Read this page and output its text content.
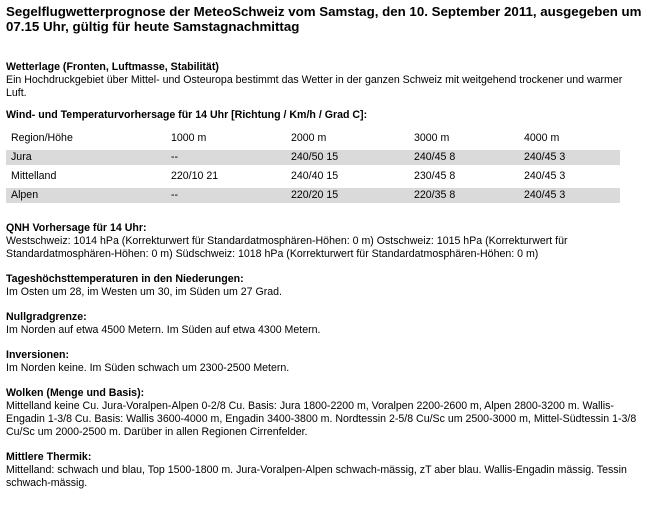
Segelflugwetterprognose der MeteoSchweiz vom Samstag, den 10. September 2011, ausgegeben um 07.15 Uhr, gültig für heute Samstagnachmittag

Wetterlage (Fronten, Luftmasse, Stabilität)

Ein Hochdruckgebiet über Mittel- und Osteuropa bestimmt das Wetter in der ganzen Schweiz mit weitgehend trockener und warmer Luft.

Wind- und Temperaturvorhersage für 14 Uhr [Richtung / Km/h / Grad C]:

Region/Höhe	1000 m	2000 m	3000 m	4000 m
Jura	--	240/50 15	240/45 8	240/45 3
Mittelland	220/10 21	240/40 15	230/45 8	240/45 3
Alpen	--	220/20 15	220/35 8	240/45 3

QNH Vorhersage für 14 Uhr:

Westschweiz: 1014 hPa (Korrekturwert für Standardatmosphären-Höhen: 0 m) Ostschweiz: 1015 hPa (Korrekturwert für Standardatmosphären-Höhen: 0 m) Südschweiz: 1018 hPa (Korrekturwert für Standardatmosphären-Höhen: 0 m)

Tageshöchsttemperaturen in den Niederungen:

Im Osten um 28, im Westen um 30, im Süden um 27 Grad.

Nullgradgrenze:

Im Norden auf etwa 4500 Metern. Im Süden auf etwa 4300 Metern.

Inversionen:

Im Norden keine. Im Süden schwach um 2300-2500 Metern.

Wolken (Menge und Basis):

Mittelland keine Cu. Jura-Voralpen-Alpen 0-2/8 Cu. Basis: Jura 1800-2200 m, Voralpen 2200-2600 m, Alpen 2800-3200 m. Wallis-Engadin 1-3/8 Cu. Basis: Wallis 3600-4000 m, Engadin 3400-3800 m. Nordtessin 2-5/8 Cu/Sc um 2500-3000 m, Mittel-Südtessin 1-3/8 Cu/Sc um 2000-2500 m. Darüber in allen Regionen Cirrenfelder.

Mittlere Thermik:

Mittelland: schwach und blau, Top 1500-1800 m. Jura-Voralpen-Alpen schwach-mässig, zT aber blau. Wallis-Engadin mässig. Tessin schwach-mässig.
